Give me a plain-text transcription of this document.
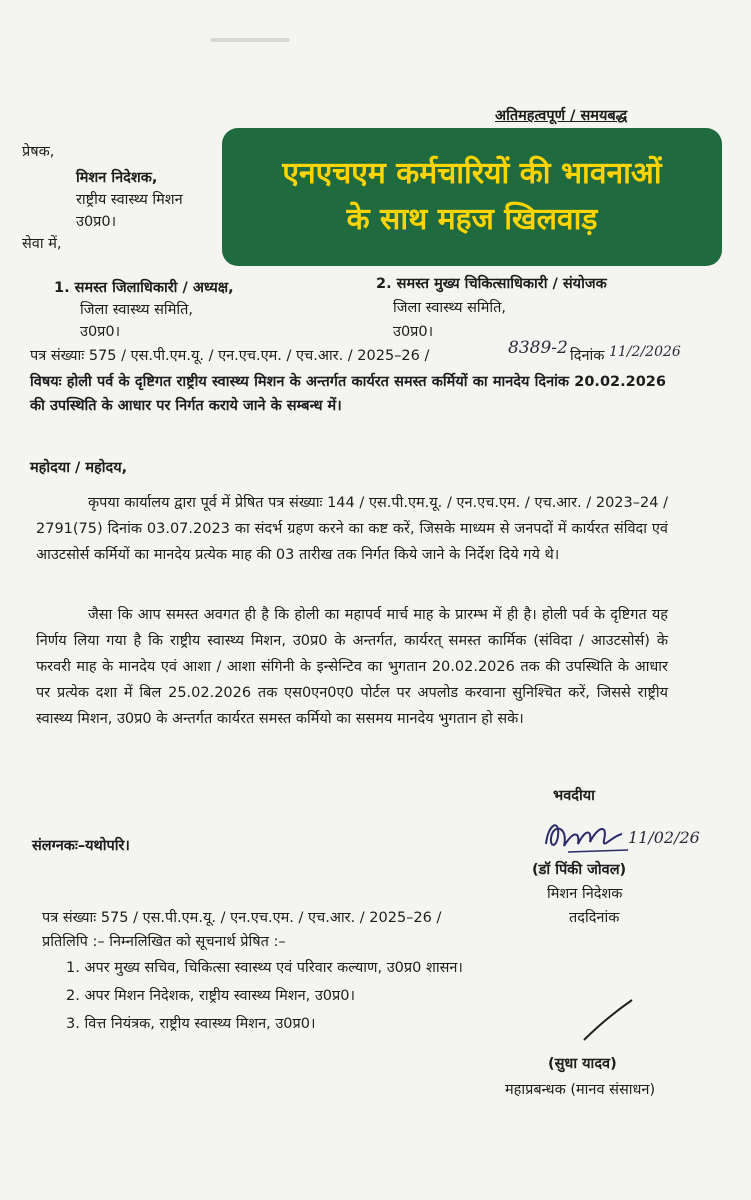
अतिमहत्वपूर्ण / समयबद्ध
प्रेषक,
मिशन निदेशक,
राष्ट्रीय स्वास्थ्य मिशन
उ0प्र0।
सेवा में,
एनएचएम कर्मचारियों की भावनाओं
के साथ महज खिलवाड़
1. समस्त जिलाधिकारी / अध्यक्ष,
जिला स्वास्थ्य समिति,
उ0प्र0।
2. समस्त मुख्य चिकित्साधिकारी / संयोजक
जिला स्वास्थ्य समिति,
उ0प्र0।
पत्र संख्याः 575 / एस.पी.एम.यू. / एन.एच.एम. / एच.आर. / 2025–26 /	8389-2 दिनांक 11/2/2026
विषयः होली पर्व के दृष्टिगत राष्ट्रीय स्वास्थ्य मिशन के अन्तर्गत कार्यरत समस्त कर्मियों का मानदेय दिनांक 20.02.2026 की उपस्थिति के आधार पर निर्गत कराये जाने के सम्बन्ध में।
महोदया / महोदय,
कृपया कार्यालय द्वारा पूर्व में प्रेषित पत्र संख्याः 144 / एस.पी.एम.यू. / एन.एच.एम. / एच.आर. / 2023–24 / 2791(75) दिनांक 03.07.2023 का संदर्भ ग्रहण करने का कष्ट करें, जिसके माध्यम से जनपदों में कार्यरत संविदा एवं आउटसोर्स कर्मियों का मानदेय प्रत्येक माह की 03 तारीख तक निर्गत किये जाने के निर्देश दिये गये थे।
जैसा कि आप समस्त अवगत ही है कि होली का महापर्व मार्च माह के प्रारम्भ में ही है। होली पर्व के दृष्टिगत यह निर्णय लिया गया है कि राष्ट्रीय स्वास्थ्य मिशन, उ0प्र0 के अन्तर्गत, कार्यरत् समस्त कार्मिक (संविदा / आउटसोर्स) के फरवरी माह के मानदेय एवं आशा / आशा संगिनी के इन्सेन्टिव का भुगतान 20.02.2026 तक की उपस्थिति के आधार पर प्रत्येक दशा में बिल 25.02.2026 तक एस0एन0ए0 पोर्टल पर अपलोड करवाना सुनिश्चित करें, जिससे राष्ट्रीय स्वास्थ्य मिशन, उ0प्र0 के अन्तर्गत कार्यरत समस्त कर्मियो का ससमय मानदेय भुगतान हो सके।
भवदीया
11/02/26
(डॉ पिंकी जोवल)
मिशन निदेशक
संलग्नकः–यथोपरि।
पत्र संख्याः 575 / एस.पी.एम.यू. / एन.एच.एम. / एच.आर. / 2025–26 /	तददिनांक
प्रतिलिपि :– निम्नलिखित को सूचनार्थ प्रेषित :–
1. अपर मुख्य सचिव, चिकित्सा स्वास्थ्य एवं परिवार कल्याण, उ0प्र0 शासन।
2. अपर मिशन निदेशक, राष्ट्रीय स्वास्थ्य मिशन, उ0प्र0।
3. वित्त नियंत्रक, राष्ट्रीय स्वास्थ्य मिशन, उ0प्र0।
(सुधा यादव)
महाप्रबन्धक (मानव संसाधन)
